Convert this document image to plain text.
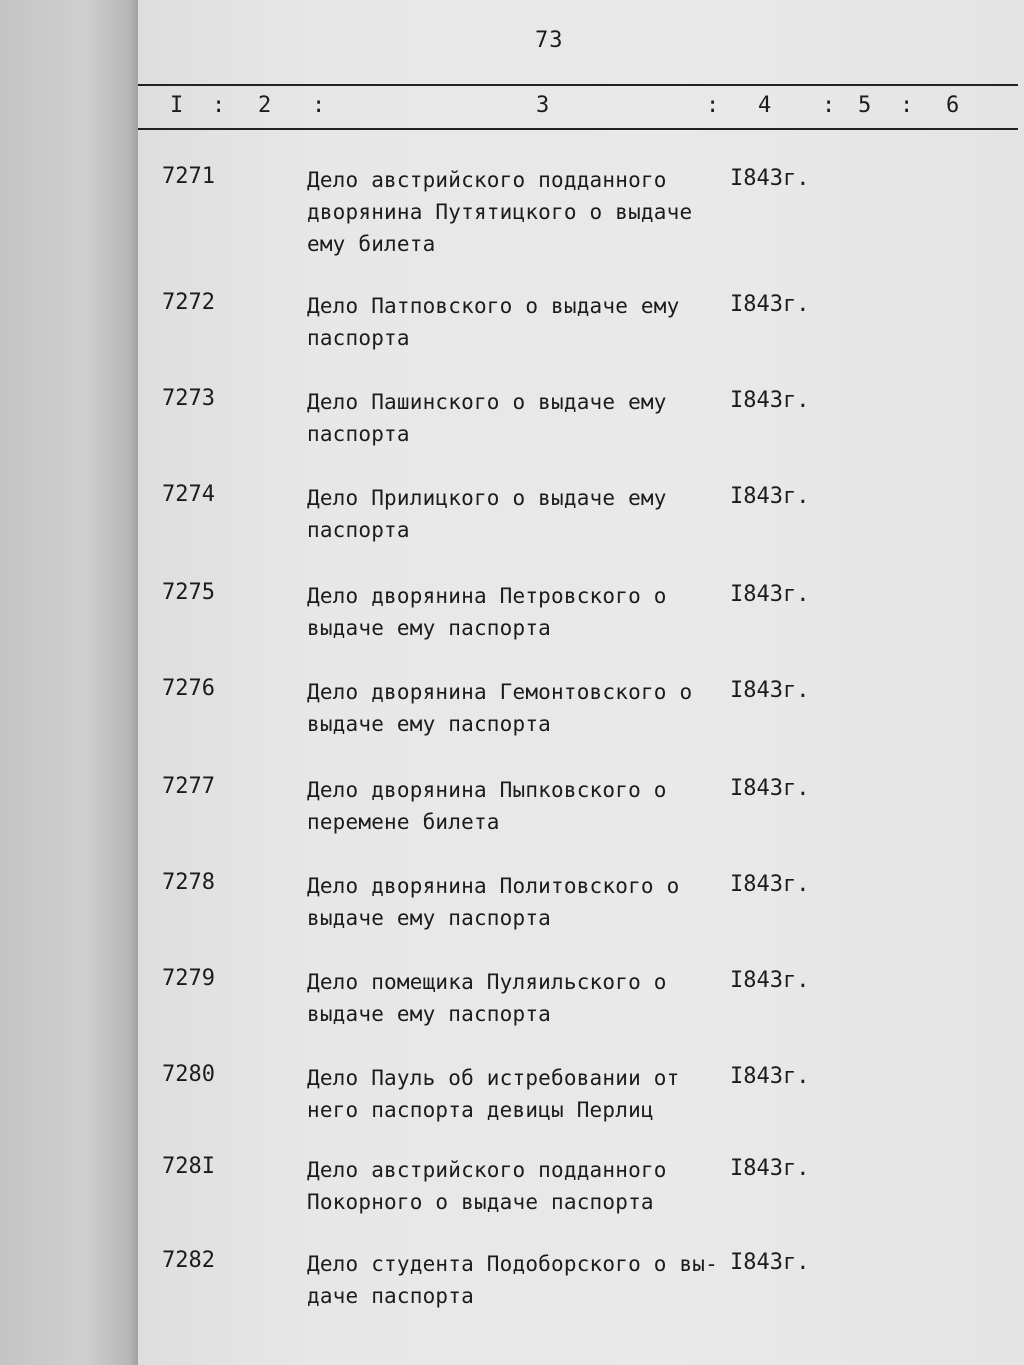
73
I : 2 :	3	: 4 : 5 : 6
7271	Дело австрийского подданного
дворянина Путятицкого о выдаче
ему билета
I843г.
7272	Дело Патповского о выдаче ему
паспорта
I843г.
7273	Дело Пашинского о выдаче ему
паспорта
I843г.
7274	Дело Прилицкого о выдаче ему
паспорта
I843г.
7275	Дело дворянина Петровского о
выдаче ему паспорта
I843г.
7276	Дело дворянина Гемонтовского о
выдаче ему паспорта
I843г.
7277	Дело дворянина Пыпковского о
перемене билета
I843г.
7278	Дело дворянина Политовского о
выдаче ему паспорта
I843г.
7279	Дело помещика Пуляильского о
выдаче ему паспорта
I843г.
7280	Дело Пауль об истребовании от
него паспорта девицы Перлиц
I843г.
728I	Дело австрийского подданного
Покорного о выдаче паспорта
I843г.
7282	Дело студента Подоборского о вы-
даче паспорта
I843г.
